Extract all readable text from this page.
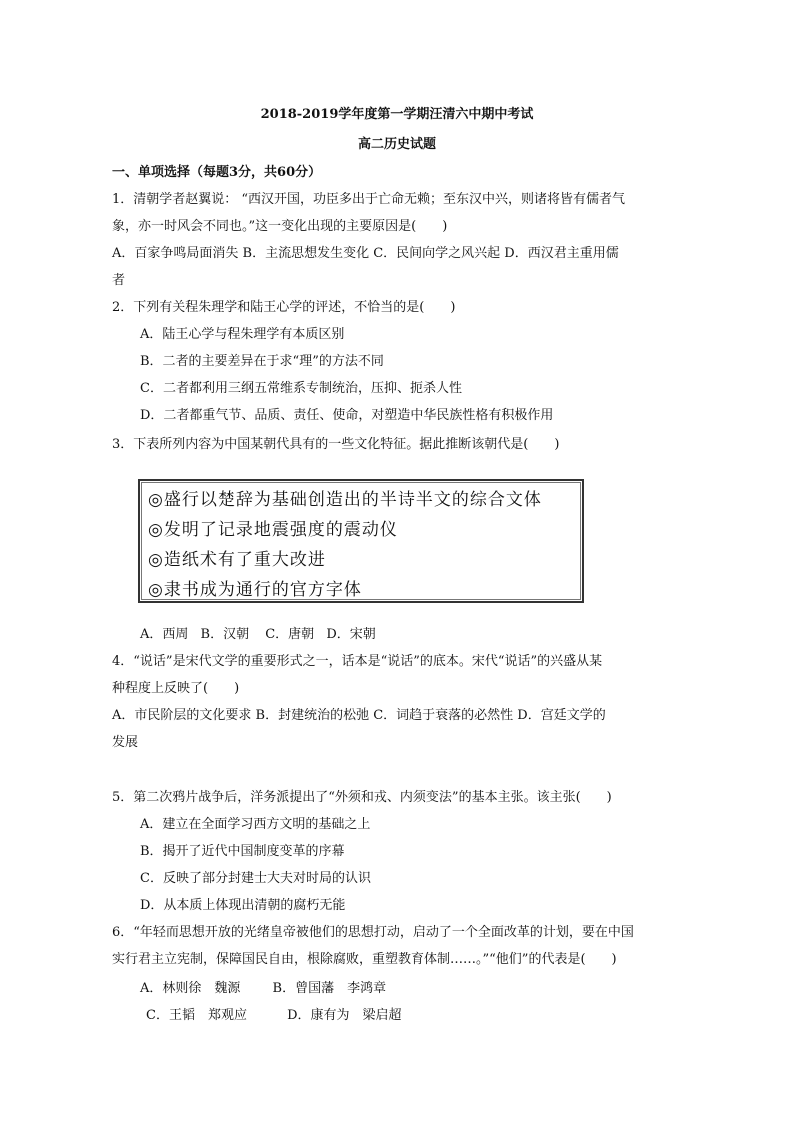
2018-2019学年度第一学期汪清六中期中考试
高二历史试题
一、单项选择（每题3分，共60分）
1．清朝学者赵翼说： “西汉开国，功臣多出于亡命无赖；至东汉中兴，则诸将皆有儒者气
象，亦一时风会不同也。”这一变化出现的主要原因是(　　)
A．百家争鸣局面消失 B．主流思想发生变化 C．民间向学之风兴起 D．西汉君主重用儒
者
2．下列有关程朱理学和陆王心学的评述，不恰当的是(　　)
A．陆王心学与程朱理学有本质区别
B．二者的主要差异在于求“理”的方法不同
C．二者都利用三纲五常维系专制统治，压抑、扼杀人性
D．二者都重气节、品质、责任、使命，对塑造中华民族性格有积极作用
3．下表所列内容为中国某朝代具有的一些文化特征。据此推断该朝代是(　　)
◎盛行以楚辞为基础创造出的半诗半文的综合文体
◎发明了记录地震强度的震动仪
◎造纸术有了重大改进
◎隶书成为通行的官方字体
A．西周 B．汉朝 C．唐朝 D．宋朝
4．“说话”是宋代文学的重要形式之一，话本是“说话”的底本。宋代“说话”的兴盛从某
种程度上反映了(　　)
A．市民阶层的文化要求 B．封建统治的松弛 C．词趋于衰落的必然性 D．宫廷文学的
发展
5．第二次鸦片战争后，洋务派提出了“外须和戎、内须变法”的基本主张。该主张(　　)
A．建立在全面学习西方文明的基础之上
B．揭开了近代中国制度变革的序幕
C．反映了部分封建士大夫对时局的认识
D．从本质上体现出清朝的腐朽无能
6．“年轻而思想开放的光绪皇帝被他们的思想打动，启动了一个全面改革的计划，要在中国
实行君主立宪制，保障国民自由，根除腐败，重塑教育体制……。”“他们”的代表是(　　)
A．林则徐　魏源 B．曾国藩　李鸿章
C．王韬　郑观应	D．康有为　梁启超
